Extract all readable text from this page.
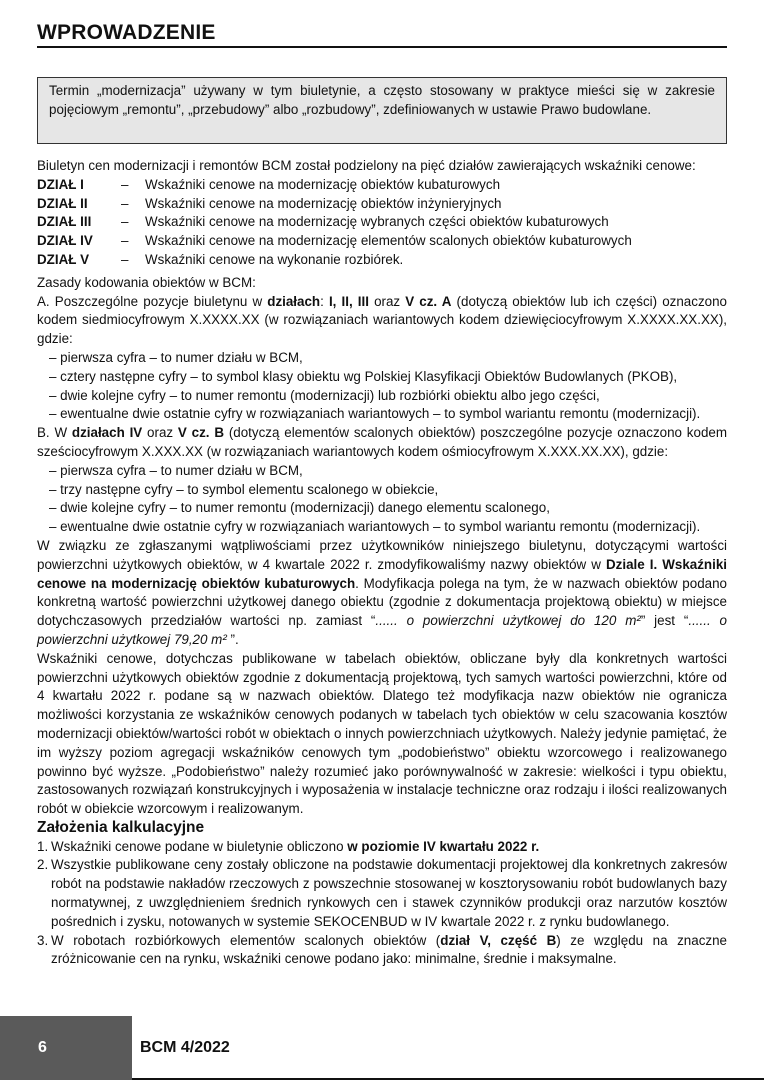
WPROWADZENIE
Termin „modernizacja” używany w tym biuletynie, a często stosowany w praktyce mieści się w zakresie pojęciowym „remontu”, „przebudowy” albo „rozbudowy”, zdefiniowanych w ustawie Prawo budowlane.

Biuletyn cen modernizacji i remontów BCM został podzielony na pięć działów zawierających wskaźniki cenowe:

DZIAŁ I	–	Wskaźniki cenowe na modernizację obiektów kubaturowych
DZIAŁ II	–	Wskaźniki cenowe na modernizację obiektów inżynieryjnych
DZIAŁ III	–	Wskaźniki cenowe na modernizację wybranych części obiektów kubaturowych
DZIAŁ IV	–	Wskaźniki cenowe na modernizację elementów scalonych obiektów kubaturowych
DZIAŁ V	–	Wskaźniki cenowe na wykonanie rozbiórek.

Zasady kodowania obiektów w BCM:

A. Poszczególne pozycje biuletynu w działach: I, II, III oraz V cz. A (dotyczą obiektów lub ich części) oznaczono kodem siedmiocyfrowym X.XXXX.XX (w rozwiązaniach wariantowych kodem dziewięciocyfrowym X.XXXX.XX.XX), gdzie:

– pierwsza cyfra – to numer działu w BCM,

– cztery następne cyfry – to symbol klasy obiektu wg Polskiej Klasyfikacji Obiektów Budowlanych (PKOB),

– dwie kolejne cyfry – to numer remontu (modernizacji) lub rozbiórki obiektu albo jego części,

– ewentualne dwie ostatnie cyfry w rozwiązaniach wariantowych – to symbol wariantu remontu (modernizacji).

B. W działach IV oraz V cz. B (dotyczą elementów scalonych obiektów) poszczególne pozycje oznaczono kodem sześciocyfrowym X.XXX.XX (w rozwiązaniach wariantowych kodem ośmiocyfrowym X.XXX.XX.XX), gdzie:

– pierwsza cyfra – to numer działu w BCM,

– trzy następne cyfry – to symbol elementu scalonego w obiekcie,

– dwie kolejne cyfry – to numer remontu (modernizacji) danego elementu scalonego,

– ewentualne dwie ostatnie cyfry w rozwiązaniach wariantowych – to symbol wariantu remontu (modernizacji).

W związku ze zgłaszanymi wątpliwościami przez użytkowników niniejszego biuletynu, dotyczącymi wartości powierzchni użytkowych obiektów, w 4 kwartale 2022 r. zmodyfikowaliśmy nazwy obiektów w Dziale I. Wskaźniki cenowe na modernizację obiektów kubaturowych. Modyfikacja polega na tym, że w nazwach obiektów podano konkretną wartość powierzchni użytkowej danego obiektu (zgodnie z dokumentacja projektową obiektu) w miejsce dotychczasowych przedziałów wartości np. zamiast “...... o powierzchni użytkowej do 120 m²” jest “...... o powierzchni użytkowej 79,20 m² ”.

Wskaźniki cenowe, dotychczas publikowane w tabelach obiektów, obliczane były dla konkretnych wartości powierzchni użytkowych obiektów zgodnie z dokumentacją projektową, tych samych wartości powierzchni, które od 4 kwartału 2022 r. podane są w nazwach obiektów. Dlatego też modyfikacja nazw obiektów nie ogranicza możliwości korzystania ze wskaźników cenowych podanych w tabelach tych obiektów w celu szacowania kosztów modernizacji obiektów/wartości robót w obiektach o innych powierzchniach użytkowych. Należy jedynie pamiętać, że im wyższy poziom agregacji wskaźników cenowych tym „podobieństwo” obiektu wzorcowego i realizowanego powinno być wyższe. „Podobieństwo” należy rozumieć jako porównywalność w zakresie: wielkości i typu obiektu, zastosowanych rozwiązań konstrukcyjnych i wyposażenia w instalacje techniczne oraz rodzaju i ilości realizowanych robót w obiekcie wzorcowym i realizowanym.

Założenia kalkulacyjne

1. Wskaźniki cenowe podane w biuletynie obliczono w poziomie IV kwartału 2022 r.
2. Wszystkie publikowane ceny zostały obliczone na podstawie dokumentacji projektowej dla konkretnych zakresów robót na podstawie nakładów rzeczowych z powszechnie stosowanej w kosztorysowaniu robót budowlanych bazy normatywnej, z uwzględnieniem średnich rynkowych cen i stawek czynników produkcji oraz narzutów kosztów pośrednich i zysku, notowanych w systemie SEKOCENBUD w IV kwartale 2022 r. z rynku budowlanego.
3. W robotach rozbiórkowych elementów scalonych obiektów (dział V, część B) ze względu na znaczne zróżnicowanie cen na rynku, wskaźniki cenowe podano jako: minimalne, średnie i maksymalne.
6	BCM 4/2022
